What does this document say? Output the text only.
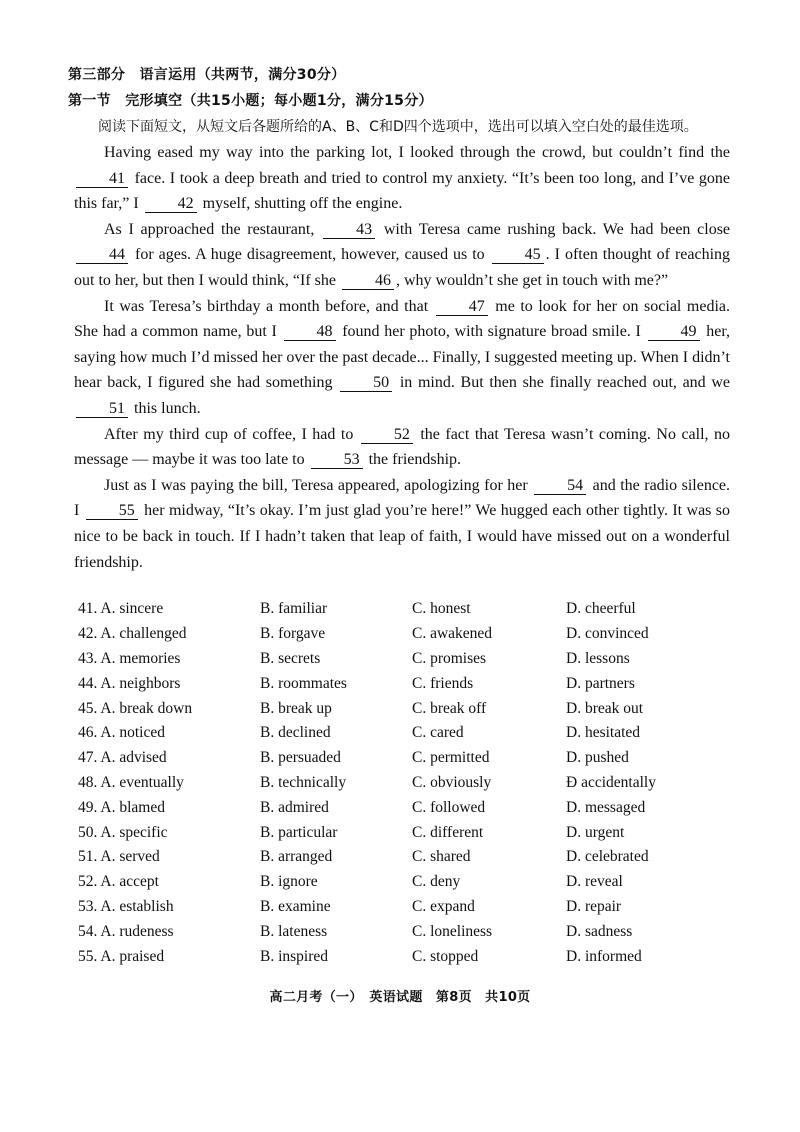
第三部分　语言运用（共两节，满分30分）
第一节　完形填空（共15小题；每小题1分，满分15分）
阅读下面短文，从短文后各题所给的A、B、C和D四个选项中，选出可以填入空白处的最佳选项。

Having eased my way into the parking lot, I looked through the crowd, but couldn’t find the 41 face. I took a deep breath and tried to control my anxiety. “It’s been too long, and I’ve gone this far,” I 42 myself, shutting off the engine.

As I approached the restaurant,	43 with Teresa came rushing back. We had been close 44 for ages. A huge disagreement, however, caused us to 45 . I often thought of reaching out to her, but then I would think, “If she 46 , why wouldn’t she get in touch with me?”

It was Teresa’s birthday a month before, and that	47 me to look for her on social media. She had a common name, but I 48 found her photo, with signature broad smile. I 49 her, saying how much I’d missed her over the past decade... Finally, I suggested meeting up. When I didn’t hear back, I figured she had something	50 in mind. But then she finally reached out, and we 51 this lunch.

After my third cup of coffee, I had to	52 the fact that Teresa wasn’t coming. No call, no message — maybe it was too late to 53 the friendship.

Just as I was paying the bill, Teresa appeared, apologizing for her 54 and the radio silence. I 55 her midway, “It’s okay. I’m just glad you’re here!” We hugged each other tightly. It was so nice to be back in touch. If I hadn’t taken that leap of faith, I would have missed out on a wonderful friendship.

41. A. sincere	B. familiar	C. honest	D. cheerful
42. A. challenged	B. forgave	C. awakened	D. convinced
43. A. memories	B. secrets	C. promises	D. lessons
44. A. neighbors	B. roommates	C. friends	D. partners
45. A. break down	B. break up	C. break off	D. break out
46. A. noticed	B. declined	C. cared	D. hesitated
47. A. advised	B. persuaded	C. permitted	D. pushed
48. A. eventually	B. technically	C. obviously	Đ accidentally
49. A. blamed	B. admired	C. followed	D. messaged
50. A. specific	B. particular	C. different	D. urgent
51. A. served	B. arranged	C. shared	D. celebrated
52. A. accept	B. ignore	C. deny	D. reveal
53. A. establish	B. examine	C. expand	D. repair
54. A. rudeness	B. lateness	C. loneliness	D. sadness
55. A. praised	B. inspired	C. stopped	D. informed
高二月考（一）　英语试题　第8页　共10页
